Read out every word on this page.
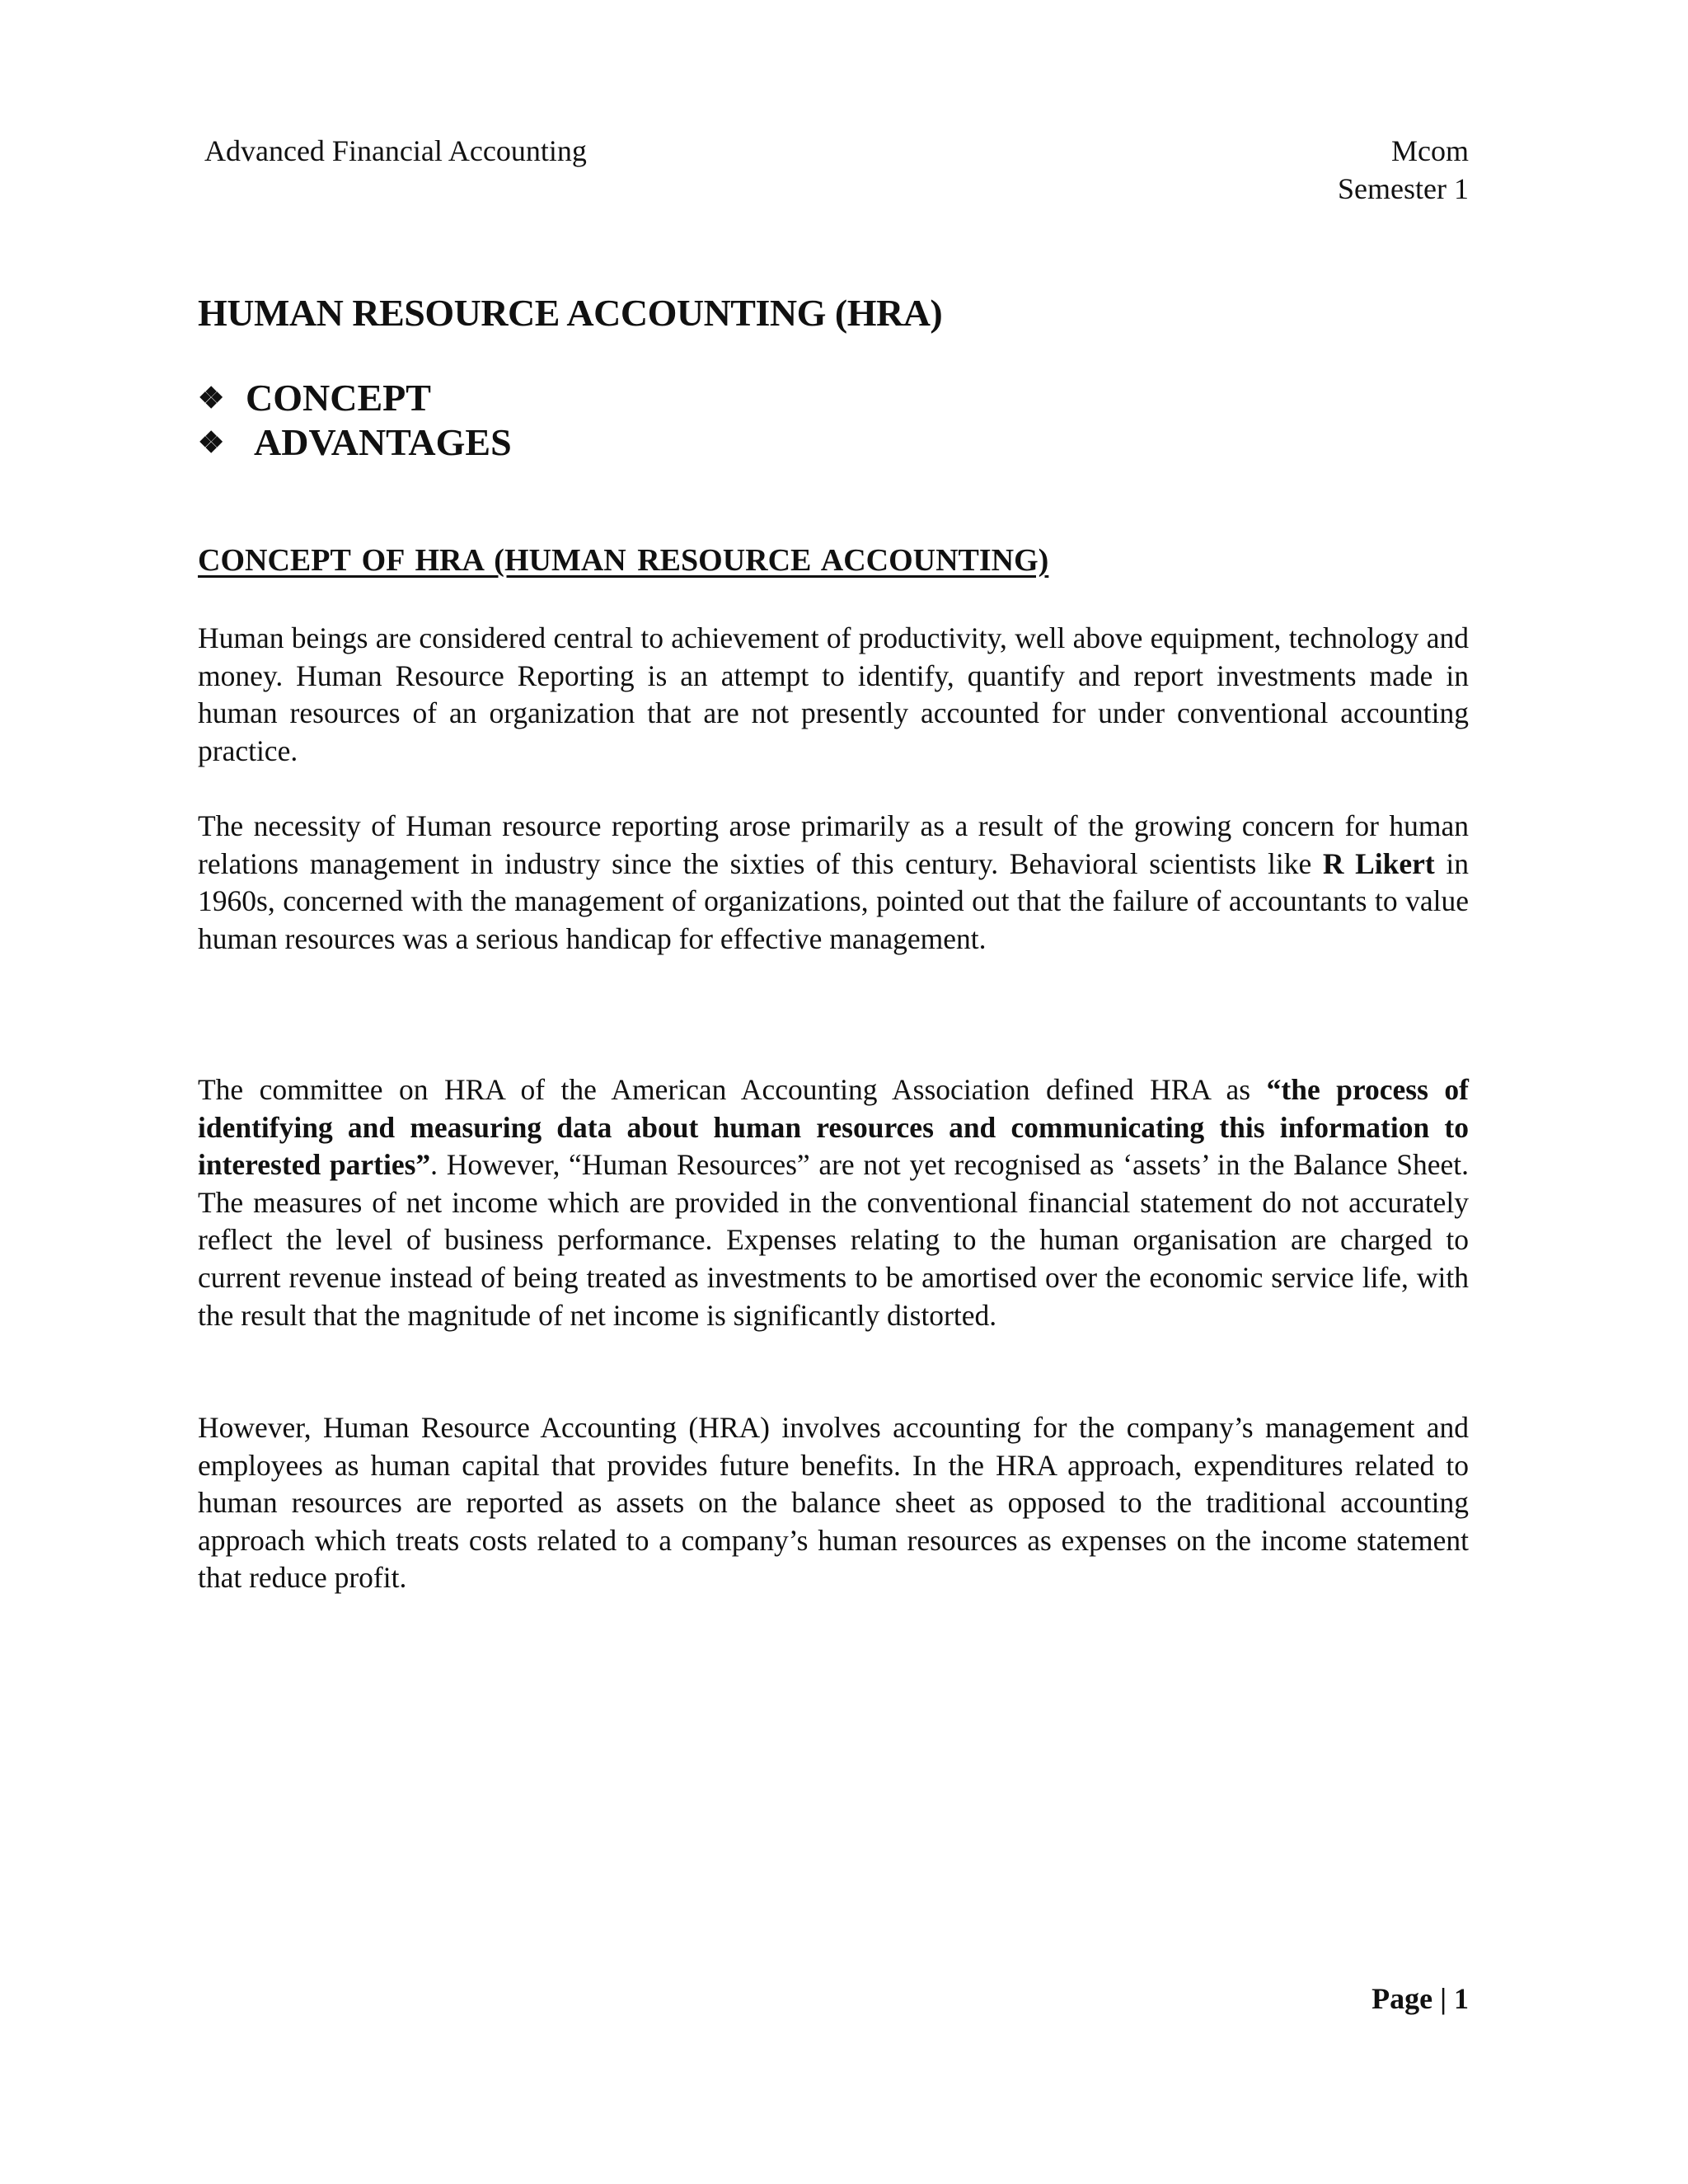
Advanced Financial Accounting	Mcom
Semester 1
HUMAN RESOURCE ACCOUNTING (HRA)
❖ CONCEPT
❖ ADVANTAGES
CONCEPT OF HRA (HUMAN RESOURCE ACCOUNTING)

Human beings are considered central to achievement of productivity, well above equipment, technology and money. Human Resource Reporting is an attempt to identify, quantify and report investments made in human resources of an organization that are not presently accounted for under conventional accounting practice.

The necessity of Human resource reporting arose primarily as a result of the growing concern for human relations management in industry since the sixties of this century. Behavioral scientists like R Likert in 1960s, concerned with the management of organizations, pointed out that the failure of accountants to value human resources was a serious handicap for effective management.

The committee on HRA of the American Accounting Association defined HRA as “the process of identifying and measuring data about human resources and communicating this information to interested parties”. However, “Human Resources” are not yet recognised as ‘assets’ in the Balance Sheet. The measures of net income which are provided in the conventional financial statement do not accurately reflect the level of business performance. Expenses relating to the human organisation are charged to current revenue instead of being treated as investments to be amortised over the economic service life, with the result that the magnitude of net income is significantly distorted.

However, Human Resource Accounting (HRA) involves accounting for the company’s management and employees as human capital that provides future benefits. In the HRA approach, expenditures related to human resources are reported as assets on the balance sheet as opposed to the traditional accounting approach which treats costs related to a company’s human resources as expenses on the income statement that reduce profit.

Page | 1
